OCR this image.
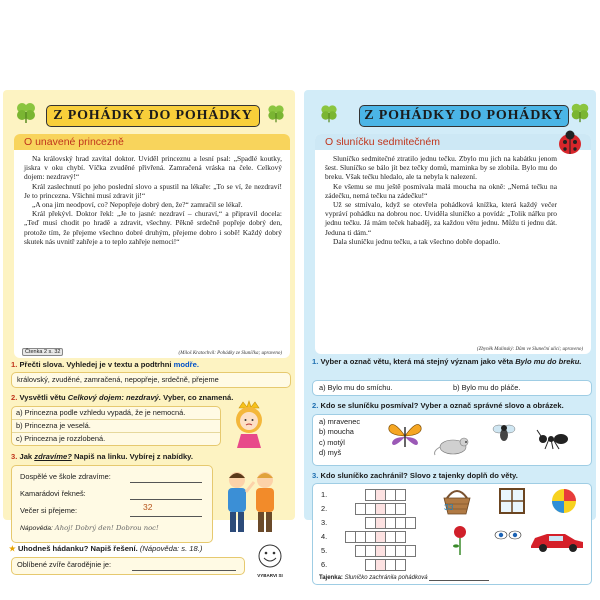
Z POHÁDKY DO POHÁDKY
O unavené princezně

Na královský hrad zavítal doktor. Uviděl princeznu a lesní psal: „Spadlé koutky, jiskra v oku chybí. Víčka zvuděné přivřená. Zamračená vráska na čele. Celkový dojem: nezdravý!“

Král zaslechnutí po jeho poslední slovo a spustil na lékaře: „To se ví, že nezdraví! Je to princezna. Všichni musí zdravit ji!“

„A ona jim neodpoví, co? Nepopřeje dobrý den, že?“ zamračil se lékař.

Král překývl. Doktor řekl: „Je to jasné: nezdraví – churaví,“ a připravil docela: „Teď musí chodit po hradě a zdravit, všechny. Pěkně srdečně popřeje dobrý den, protože tím, že přejeme všechno dobré druhým, přejeme dobro i sobě! Každý dobrý skutek nás uvnitř zahřeje a to teplo zahřeje nemoci!“

(Miloš Kratochvíl: Pohádky ze Sluníčka; upraveno)
Čtenka 2 s. 32
1. Přečti slova. Vyhledej je v textu a podtrhni modře.
královský, zvuděné, zamračená, nepopřeje, srdečně, přejeme
2. Vysvětli větu Celkový dojem: nezdravý. Vyber, co znamená.
a) Princezna podle vzhledu vypadá, že je nemocná.
b) Princezna je veselá.
c) Princezna je rozzlobená.
3. Jak zdravíme? Napiš na linku. Vybírej z nabídky.
Dospělé ve škole zdravíme:
Kamarádovi řekneš:
Večer si přejeme:
Nápověda: Ahoj! Dobrý den! Dobrou noc!
★ Uhodneš hádanku? Napiš řešení. (Nápověda: s. 18.)
Oblíbené zvíře čarodějnie je:
VYBARVI SI
32
Z POHÁDKY DO POHÁDKY
O sluníčku sedmitečném

Sluníčko sedmitečné ztratilo jednu tečku. Zbylo mu jich na kabátku jenom šest. Sluníčko se bálo jít bez tečky domů, maminka by se zlobila. Bylo mu do breku. Však tečku hledalo, ale ta nebyla k nalezení.

Ke všemu se mu ještě posmívala malá moucha na okně: „Nemá tečku na zádečku, nemá tečku na zádečku!“

Už se stmívalo, když se otevřela pohádková knížka, která každý večer vypráví pohádku na dobrou noc. Uviděla sluníčko a povídá: „Tolik nářku pro jednu tečku. Já mám teček habaděj, za každou větu jednu. Můžu ti jednu dát. Jeduna ti dám.“

Dala sluníčku jednu tečku, a tak všechno dobře dopadlo.

(Zbyněk Malinský: Dům ve Sluneční ulici; upraveno)
1. Vyber a označ větu, která má stejný význam jako věta Bylo mu do breku.
a) Bylo mu do smíchu.	b) Bylo mu do pláče.
2. Kdo se sluníčku posmíval? Vyber a označ správné slovo a obrázek.
a) mravenec
b) moucha
c) motýl
d) myš
3. Kdo sluníčko zachránil? Slovo z tajenky doplň do věty.
1.
2.
3.
4.
5.
6.
Tajenka: Sluníčko zachránila pohádková
33
